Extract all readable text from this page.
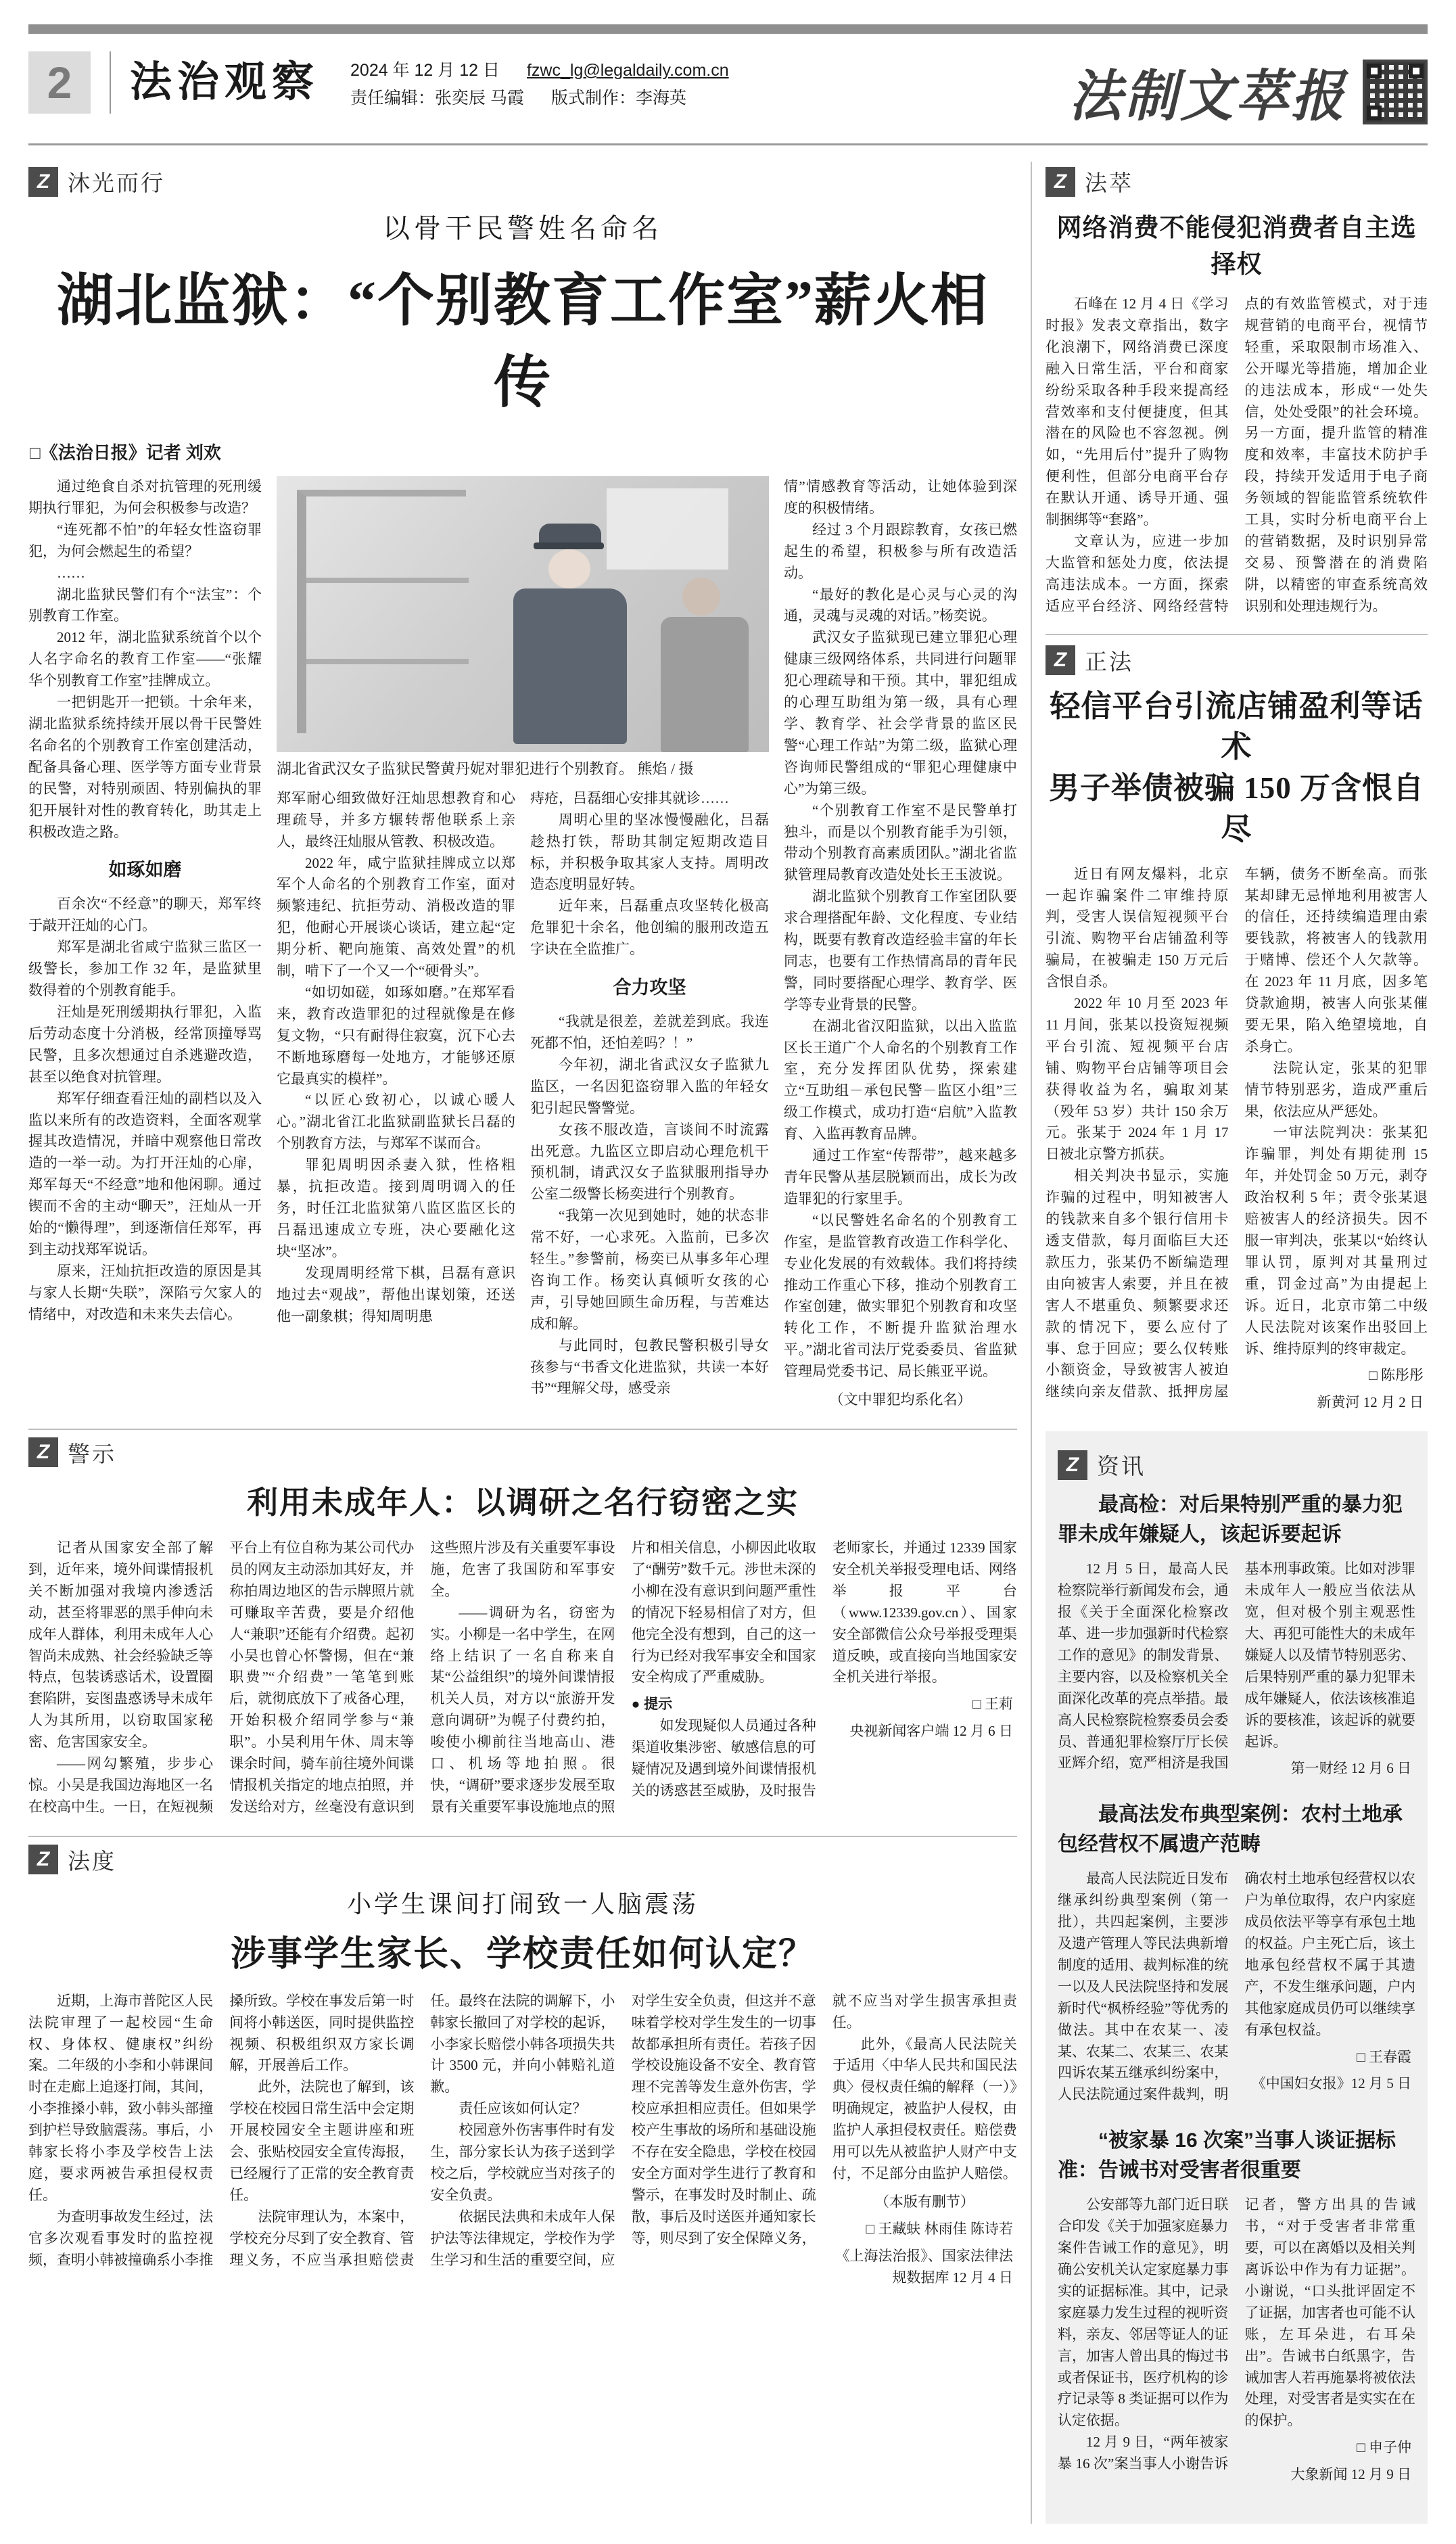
2	法治观察 2024 年 12 月 12 日 fzwc_lg@legaldaily.com.cn
责任编辑：张奕辰 马霞 版式制作：李海英	法制文萃报
Z 沐光而行
以骨干民警姓名命名
湖北监狱：“个别教育工作室”薪火相传
□《法治日报》记者 刘欢

通过绝食自杀对抗管理的死刑缓期执行罪犯，为何会积极参与改造？

“连死都不怕”的年轻女性盗窃罪犯，为何会燃起生的希望？

……

湖北监狱民警们有个“法宝”：个别教育工作室。

2012 年，湖北监狱系统首个以个人名字命名的教育工作室——“张耀华个别教育工作室”挂牌成立。

一把钥匙开一把锁。十余年来，湖北监狱系统持续开展以骨干民警姓名命名的个别教育工作室创建活动，配备具备心理、医学等方面专业背景的民警，对特别顽固、特别偏执的罪犯开展针对性的教育转化，助其走上积极改造之路。

如琢如磨

百余次“不经意”的聊天，郑军终于敲开汪灿的心门。

郑军是湖北省咸宁监狱三监区一级警长，参加工作 32 年，是监狱里数得着的个别教育能手。

汪灿是死刑缓期执行罪犯，入监后劳动态度十分消极，经常顶撞辱骂民警，且多次想通过自杀逃避改造，甚至以绝食对抗管理。

郑军仔细查看汪灿的副档以及入监以来所有的改造资料，全面客观掌握其改造情况，并暗中观察他日常改造的一举一动。为打开汪灿的心扉，郑军每天“不经意”地和他闲聊。通过锲而不舍的主动“聊天”，汪灿从一开始的“懒得理”，到逐渐信任郑军，再到主动找郑军说话。

原来，汪灿抗拒改造的原因是其与家人长期“失联”，深陷亏欠家人的情绪中，对改造和未来失去信心。

湖北省武汉女子监狱民警黄丹妮对罪犯进行个别教育。 熊焰 / 摄

郑军耐心细致做好汪灿思想教育和心理疏导，并多方辗转帮他联系上亲人，最终汪灿服从管教、积极改造。

2022 年，咸宁监狱挂牌成立以郑军个人命名的个别教育工作室，面对频繁违纪、抗拒劳动、消极改造的罪犯，他耐心开展谈心谈话，建立起“定期分析、靶向施策、高效处置”的机制，啃下了一个又一个“硬骨头”。

“如切如磋，如琢如磨。”在郑军看来，教育改造罪犯的过程就像是在修复文物，“只有耐得住寂寞，沉下心去不断地琢磨每一处地方，才能够还原它最真实的模样”。

“以匠心致初心，以诚心暖人心。”湖北省江北监狱副监狱长吕磊的个别教育方法，与郑军不谋而合。

罪犯周明因杀妻入狱，性格粗暴，抗拒改造。接到周明调入的任务，时任江北监狱第八监区监区长的吕磊迅速成立专班，决心要融化这块“坚冰”。

发现周明经常下棋，吕磊有意识地过去“观战”，帮他出谋划策，还送他一副象棋；得知周明患

痔疮，吕磊细心安排其就诊……

周明心里的坚冰慢慢融化，吕磊趁热打铁，帮助其制定短期改造目标，并积极争取其家人支持。周明改造态度明显好转。

近年来，吕磊重点攻坚转化极高危罪犯十余名，他创编的服刑改造五字诀在全监推广。

合力攻坚

“我就是很差，差就差到底。我连死都不怕，还怕差吗？！”

今年初，湖北省武汉女子监狱九监区，一名因犯盗窃罪入监的年轻女犯引起民警警觉。

女孩不服改造，言谈间不时流露出死意。九监区立即启动心理危机干预机制，请武汉女子监狱服刑指导办公室二级警长杨奕进行个别教育。

“我第一次见到她时，她的状态非常不好，一心求死。入监前，已多次轻生。”参警前，杨奕已从事多年心理咨询工作。杨奕认真倾听女孩的心声，引导她回顾生命历程，与苦难达成和解。

与此同时，包教民警积极引导女孩参与“书香文化进监狱，共读一本好书”“理解父母，感受亲

情”情感教育等活动，让她体验到深度的积极情绪。

经过 3 个月跟踪教育，女孩已燃起生的希望，积极参与所有改造活动。

“最好的教化是心灵与心灵的沟通，灵魂与灵魂的对话。”杨奕说。

武汉女子监狱现已建立罪犯心理健康三级网络体系，共同进行问题罪犯心理疏导和干预。其中，罪犯组成的心理互助组为第一级，具有心理学、教育学、社会学背景的监区民警“心理工作站”为第二级，监狱心理咨询师民警组成的“罪犯心理健康中心”为第三级。

“个别教育工作室不是民警单打独斗，而是以个别教育能手为引领，带动个别教育高素质团队。”湖北省监狱管理局教育改造处处长王玉波说。

湖北监狱个别教育工作室团队要求合理搭配年龄、文化程度、专业结构，既要有教育改造经验丰富的年长同志，也要有工作热情高昂的青年民警，同时要搭配心理学、教育学、医学等专业背景的民警。

在湖北省汉阳监狱，以出入监监区长王道广个人命名的个别教育工作室，充分发挥团队优势，探索建立“互助组－承包民警－监区小组”三级工作模式，成功打造“启航”入监教育、入监再教育品牌。

通过工作室“传帮带”，越来越多青年民警从基层脱颖而出，成长为改造罪犯的行家里手。

“以民警姓名命名的个别教育工作室，是监管教育改造工作科学化、专业化发展的有效载体。我们将持续推动工作重心下移，推动个别教育工作室创建，做实罪犯个别教育和攻坚转化工作，不断提升监狱治理水平。”湖北省司法厅党委委员、省监狱管理局党委书记、局长熊亚平说。

（文中罪犯均系化名）
Z 警示
利用未成年人：以调研之名行窃密之实

记者从国家安全部了解到，近年来，境外间谍情报机关不断加强对我境内渗透活动，甚至将罪恶的黑手伸向未成年人群体，利用未成年人心智尚未成熟、社会经验缺乏等特点，包装诱惑话术，设置圈套陷阱，妄图蛊惑诱导未成年人为其所用，以窃取国家秘密、危害国家安全。

——网勾繁殖，步步心惊。小吴是我国边海地区一名在校高中生。一日，在短视频平台上有位自称为某公司代办员的网友主动添加其好友，并称拍周边地区的告示牌照片就可赚取辛苦费，要是介绍他人“兼职”还能有介绍费。起初小吴也曾心怀警惕，但在“兼职费”“介绍费”一笔笔到账后，就彻底放下了戒备心理，开始积极介绍同学参与“兼职”。小吴利用午休、周末等课余时间，骑车前往境外间谍情报机关指定的地点拍照，并发送给对方，丝毫没有意识到这些照片涉及有关重要军事设施，危害了我国防和军事安全。

——调研为名，窃密为实。小柳是一名中学生，在网络上结识了一名自称来自某“公益组织”的境外间谍情报机关人员，对方以“旅游开发意向调研”为幌子付费约拍，唆使小柳前往当地高山、港口、机场等地拍照。很快，“调研”要求逐步发展至取景有关重要军事设施地点的照片和相关信息，小柳因此收取了“酬劳”数千元。涉世未深的小柳在没有意识到问题严重性的情况下轻易相信了对方，但他完全没有想到，自己的这一行为已经对我军事安全和国家安全构成了严重威胁。

● 提示

如发现疑似人员通过各种渠道收集涉密、敏感信息的可疑情况及遇到境外间谍情报机关的诱惑甚至威胁，及时报告老师家长，并通过 12339 国家安全机关举报受理电话、网络举报平台（www.12339.gov.cn）、国家安全部微信公众号举报受理渠道反映，或直接向当地国家安全机关进行举报。

□ 王莉
央视新闻客户端 12 月 6 日
Z 法度
小学生课间打闹致一人脑震荡
涉事学生家长、学校责任如何认定？

近期，上海市普陀区人民法院审理了一起校园“生命权、身体权、健康权”纠纷案。二年级的小李和小韩课间时在走廊上追逐打闹，其间，小李推搡小韩，致小韩头部撞到护栏导致脑震荡。事后，小韩家长将小李及学校告上法庭，要求两被告承担侵权责任。

为查明事故发生经过，法官多次观看事发时的监控视频，查明小韩被撞确系小李推搡所致。学校在事发后第一时间将小韩送医，同时提供监控视频、积极组织双方家长调解，开展善后工作。

此外，法院也了解到，该学校在校园日常生活中会定期开展校园安全主题讲座和班会、张贴校园安全宣传海报，已经履行了正常的安全教育责任。

法院审理认为，本案中，学校充分尽到了安全教育、管理义务，不应当承担赔偿责任。最终在法院的调解下，小韩家长撤回了对学校的起诉，小李家长赔偿小韩各项损失共计 3500 元，并向小韩赔礼道歉。

责任应该如何认定？

校园意外伤害事件时有发生，部分家长认为孩子送到学校之后，学校就应当对孩子的安全负责。

依据民法典和未成年人保护法等法律规定，学校作为学生学习和生活的重要空间，应对学生安全负责，但这并不意味着学校对学生发生的一切事故都承担所有责任。若孩子因学校设施设备不安全、教育管理不完善等发生意外伤害，学校应承担相应责任。但如果学校产生事故的场所和基础设施不存在安全隐患，学校在校园安全方面对学生进行了教育和警示，在事发时及时制止、疏散，事后及时送医并通知家长等，则尽到了安全保障义务，就不应当对学生损害承担责任。

此外，《最高人民法院关于适用〈中华人民共和国民法典〉侵权责任编的解释（一）》明确规定，被监护人侵权，由监护人承担侵权责任。赔偿费用可以先从被监护人财产中支付，不足部分由监护人赔偿。

（本版有删节）
□ 王藏蚨 林雨佳 陈诗若
《上海法治报》、国家法律法规数据库 12 月 4 日
Z 法萃
网络消费不能侵犯消费者自主选择权

石峰在 12 月 4 日《学习时报》发表文章指出，数字化浪潮下，网络消费已深度融入日常生活，平台和商家纷纷采取各种手段来提高经营效率和支付便捷度，但其潜在的风险也不容忽视。例如，“先用后付”提升了购物便利性，但部分电商平台存在默认开通、诱导开通、强制捆绑等“套路”。

文章认为，应进一步加大监管和惩处力度，依法提高违法成本。一方面，探索适应平台经济、网络经营特点的有效监管模式，对于违规营销的电商平台，视情节轻重，采取限制市场准入、公开曝光等措施，增加企业的违法成本，形成“一处失信，处处受限”的社会环境。另一方面，提升监管的精准度和效率，丰富技术防护手段，持续开发适用于电子商务领域的智能监管系统软件工具，实时分析电商平台上的营销数据，及时识别异常交易、预警潜在的消费陷阱，以精密的审查系统高效识别和处理违规行为。

Z 正法
轻信平台引流店铺盈利等话术
男子举债被骗 150 万含恨自尽

近日有网友爆料，北京一起诈骗案件二审维持原判，受害人误信短视频平台引流、购物平台店铺盈利等骗局，在被骗走 150 万元后含恨自杀。

2022 年 10 月至 2023 年 11 月间，张某以投资短视频平台引流、短视频平台店铺、购物平台店铺等项目会获得收益为名，骗取刘某（殁年 53 岁）共计 150 余万元。张某于 2024 年 1 月 17 日被北京警方抓获。

相关判决书显示，实施诈骗的过程中，明知被害人的钱款来自多个银行信用卡透支借款，每月面临巨大还款压力，张某仍不断编造理由向被害人索要，并且在被害人不堪重负、频繁要求还款的情况下，要么应付了事、怠于回应；要么仅转账小额资金，导致被害人被迫继续向亲友借款、抵押房屋车辆，债务不断垒高。而张某却肆无忌惮地利用被害人的信任，还持续编造理由索要钱款，将被害人的钱款用于赌博、偿还个人欠款等。在 2023 年 11 月底，因多笔贷款逾期，被害人向张某催要无果，陷入绝望境地，自杀身亡。

法院认定，张某的犯罪情节特别恶劣，造成严重后果，依法应从严惩处。

一审法院判决：张某犯诈骗罪，判处有期徒刑 15 年，并处罚金 50 万元，剥夺政治权利 5 年；责令张某退赔被害人的经济损失。因不服一审判决，张某以“始终认罪认罚，原判对其量刑过重，罚金过高”为由提起上诉。近日，北京市第二中级人民法院对该案作出驳回上诉、维持原判的终审裁定。

□ 陈彤彤
新黄河 12 月 2 日
Z 资讯
最高检：对后果特别严重的暴力犯罪未成年嫌疑人，该起诉要起诉

12 月 5 日，最高人民检察院举行新闻发布会，通报《关于全面深化检察改革、进一步加强新时代检察工作的意见》的制发背景、主要内容，以及检察机关全面深化改革的亮点举措。最高人民检察院检察委员会委员、普通犯罪检察厅厅长侯亚辉介绍，宽严相济是我国基本刑事政策。比如对涉罪未成年人一般应当依法从宽，但对极个别主观恶性大、再犯可能性大的未成年嫌疑人以及情节特别恶劣、后果特别严重的暴力犯罪未成年嫌疑人，依法该核准追诉的要核准，该起诉的就要起诉。

第一财经 12 月 6 日
最高法发布典型案例：农村土地承包经营权不属遗产范畴

最高人民法院近日发布继承纠纷典型案例（第一批），共四起案例，主要涉及遗产管理人等民法典新增制度的适用、裁判标准的统一以及人民法院坚持和发展新时代“枫桥经验”等优秀的做法。其中在农某一、凌某、农某二、农某三、农某四诉农某五继承纠纷案中，人民法院通过案件裁判，明确农村土地承包经营权以农户为单位取得，农户内家庭成员依法平等享有承包土地的权益。户主死亡后，该土地承包经营权不属于其遗产，不发生继承问题，户内其他家庭成员仍可以继续享有承包权益。

□ 王春霞
《中国妇女报》12 月 5 日
“被家暴 16 次案”当事人谈证据标准：告诫书对受害者很重要

公安部等九部门近日联合印发《关于加强家庭暴力案件告诫工作的意见》，明确公安机关认定家庭暴力事实的证据标准。其中，记录家庭暴力发生过程的视听资料，亲友、邻居等证人的证言，加害人曾出具的悔过书或者保证书，医疗机构的诊疗记录等 8 类证据可以作为认定依据。

12 月 9 日，“两年被家暴 16 次”案当事人小谢告诉记者，警方出具的告诫书，“对于受害者非常重要，可以在离婚以及相关判离诉讼中作为有力证据”。小谢说，“口头批评固定不了证据，加害者也可能不认账，左耳朵进，右耳朵出”。告诫书白纸黑字，告诫加害人若再施暴将被依法处理，对受害者是实实在在的保护。

□ 申子仲
大象新闻 12 月 9 日
